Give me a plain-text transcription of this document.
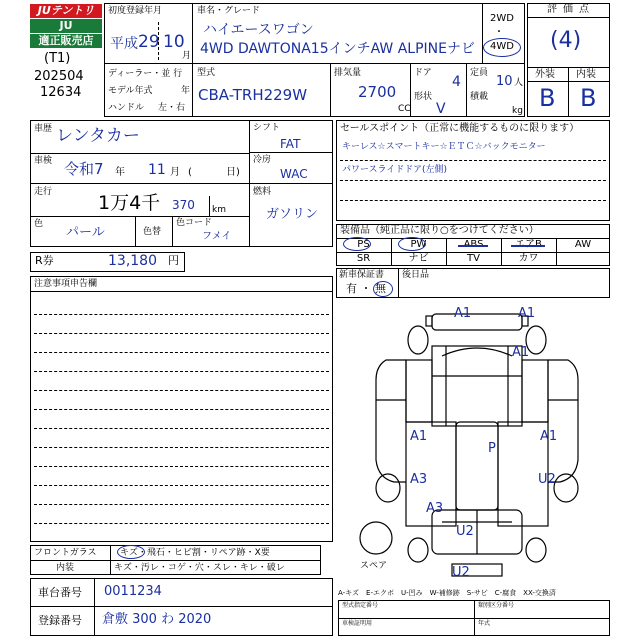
JUテントリ
JU
適正販売店
(T1)
202504
12634
初度登録年月
平成 29 10
月
車名・グレード
ハイエースワゴン
4WD DAWTONA15インチAW ALPINEナビ
2WD
・
4WD
ディーラー・並 行
モデル年式	年
ハンドル 左・右
型式
CBA-TRH229W
排気量
2700
CC
ドア
4
形状
V
定員
10 人
積載
kg
評価点
(4)
外装 内装
B B
車歴 レンタカー
車検 令和7 年 11 月 (	日)
走行 1万4千 370 km
色
パール	色替
色コード
フメイ
シフト
FAT
冷房
WAC
燃料
ガソリン
R券	13,180 円
セールスポイント（正常に機能するものに限ります）
キーレス☆スマートキー☆ＥＴＣ☆バックモニター
パワースライドドア(左側)
装備品（純正品に限り○をつけてください）
PS	PW	ABS	エアB	AW
SR	ナビ	TV	カワ
新車保証書
有 ・ 無
後日品
注意事項申告欄
A1	A1
A1
A1
P
A1
A3	U2
A3
U2
U2
スペア
フロントガラス	キズ・飛石・ヒビ割・リペア跡・X要
内装	キズ・汚レ・コゲ・穴・スレ・キレ・破レ
車台番号 0011234
登録番号 倉敷 300 わ 2020
A-キズ　E-エクボ　U-凹み　W-補修跡　S-サビ　C-腐食　XX-交換済
型式指定番号	類別区分番号
車検証明用	年式
